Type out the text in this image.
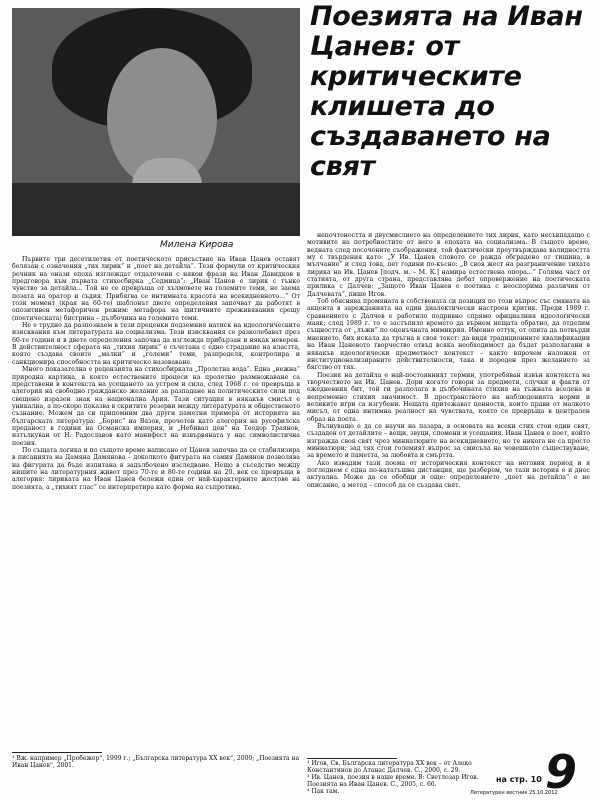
Милена Кирова
Поезията на Иван Цанев: от критическите клишета до създаването на свят

Първите три десетилетия от поетическото присъствие на Иван Цанев оставят белязан с означения „тих лирик“ и „поет на детайла“. Тези формули от критическия речник на онази епоха изглеждат отдалечени с някои фрази на Иван Давидков в предговора към първата стихосбирка „Седмица“: „Иван Цанев е лирик с тънко чувство за детайла... Той не се превръща от хълмовете на големите теми, не заема позата на оратор и съдия. Прибягва се интимната красота на всекидневното...“ От този момент (края на 60-те) шаблонът двете определения започват да работят в опозитивен метафоричен режим: метафора на шитичните преживявания срещу (поетическата) бистрина – дълбочина на големите теми.

Не е трудно да разпознаем в тези преценки подземния натиск на идеологическите изисквания към литературата на социализма. Тези изисквания се разколебават през 60-те години и в двете определения започва да изглежда прибързан и някак неверен. В действителност сферата на „тихия лирик“ е съчетана с едно страдание на властта, която създава своите „малки“ и „големи“ теми, разпределя, контролира и санкционира способността на критическо назоваване.

Много показателна е рецензията на стихосбирката „Пролетна вода“. Една „нежна“ природна картина, в която естествените процеси на пролетно размножаване са представени в контекста на усещането за устрем и сила, след 1968 г. се превръща в алегория на свободно гражданско желание за разпадане на политическите сили под свещено изразен знак на национална Ария. Тази ситуация в някакъв смисъл е уникална, а по-скоро показва в скритите резерви между литературата и общественото съзнание. Можем да си припомним два други паметни примера от историята на българската литература: „Борис“ на Вазов, прочетен като алегория на русофилска преданост в години на Османска империя, и „Небивал ден“ на Теодор Траянов, изтълкуван от Н. Радославов като манифест на извървяната у нас символистична поезия.

По същата логика и по същото време написано от Цанев започва да се стабилизира в писанията на Дамяна Дамянова – доколкото фигурата на самия Дамянов позволява на фигурата да бъде изпитана в задълбочено изследване. Нещо в съседство между нишите на литературния живот през 70-те и 80-те години на 20. век се превръща в алегория: лириката на Иван Цанев бележи един от най-характерните жестове на поезията, а „тихият глас“ се интерпретира като форма на съпротива.

непочтеността и двусмислието на определението тих лирик, като несъвпадащо с мотивите на потребностите от него в епохата на социализма. В същото време, ведната след посочените съображения, той фактически преутвърждава валидността му с твърдения като: „У Ив. Цанев словото се ражда обградено от тишина, в мълчание“ и след това, пет години по-късно: „В своя жест на разграничение тихата лирика на Ив. Цанев [подч. м. – М. К.] намира естествена опора...“ Голяма част от статията, от друга страна, представлява дебат опровержение на поетическата прилика с Далчев: „Защото Иван Цанев е поетика с неоспорима различия от Далчевата“, пише Игов.

Тоб обяснява промяната в собствената си позиция по този въпрос със смяната на акцента в зарежданията на един диалектически настроен критик. Преди 1989 г. сравнението с Далчев е работило подривно спрямо официалния идеологически маяк; след 1989 г. то е застъпило времето да върнем нещата обратно, да отделим същността от „лъжи“ по оценъчната мимикрия. Именно оттук, от опита да потвърди мнението, бих искала да тръгна в своя текст: да видя традиционните квалификации на Иван Цаневото творчество отвъд всяка необходимост да бъдат разполагани в някакъв идеологически предметност контекст – както впрочем наложен от институционализираните действителности, така и породен през желанието за бягство от тях.

Поезия на детайла е най-постоянният термин, употребяван извън контекста на творчеството на Ив. Цанев. Дори когато говори за предмети, случки и факти от ежедневния бит, той ги разполага в дълбочината стихия на тъжната вселена и непременно стихия значимост. В пространството на наблюденията норми и великите игри са изгубени. Нещата притежават ценности, които прави от малкото мисъл, от една интимна реалност на чувствата, която се превръща в централен образ на поета.

Вълнуващо е да се научи на пазара, в основата на всеки стих стои един свят, създаден от детайлите – вещи, звуци, спомени и усещания. Иван Цанев е поет, който изгражда своя свят чрез миниатюрите на всекидневието, но те никога не са просто миниатюри; зад тях стои големият въпрос за смисъла на човешкото съществуване, за времето и паметта, за любовта и смъртта.

Ако извадим тази поема от историческия контекст на неговия период и я погледнем с една по-нататъшна дистанция, ще разберем, че тази история е и днес актуална. Може да се обобщи и още: определението „поет на детайла“ е не описание, а метод – способ да се създава свят.

¹ Вж. например „Пробежер“, 1999 г.; „Българска литература XX век“, 2000; „Поезията на Иван Цанев“, 2001.	² Игов, Св. Българска литература XX век – от Алеко Константинов до Атанас Далчев. С., 2000, с. 29.
³ Ив. Цанев, поезия в наше време. В: Светлозар Игов. Поезията на Иван Цанев. С., 2005, с. 66.
⁴ Пак там.
на стр. 10 9
Литературен вестник 25.10.2012
